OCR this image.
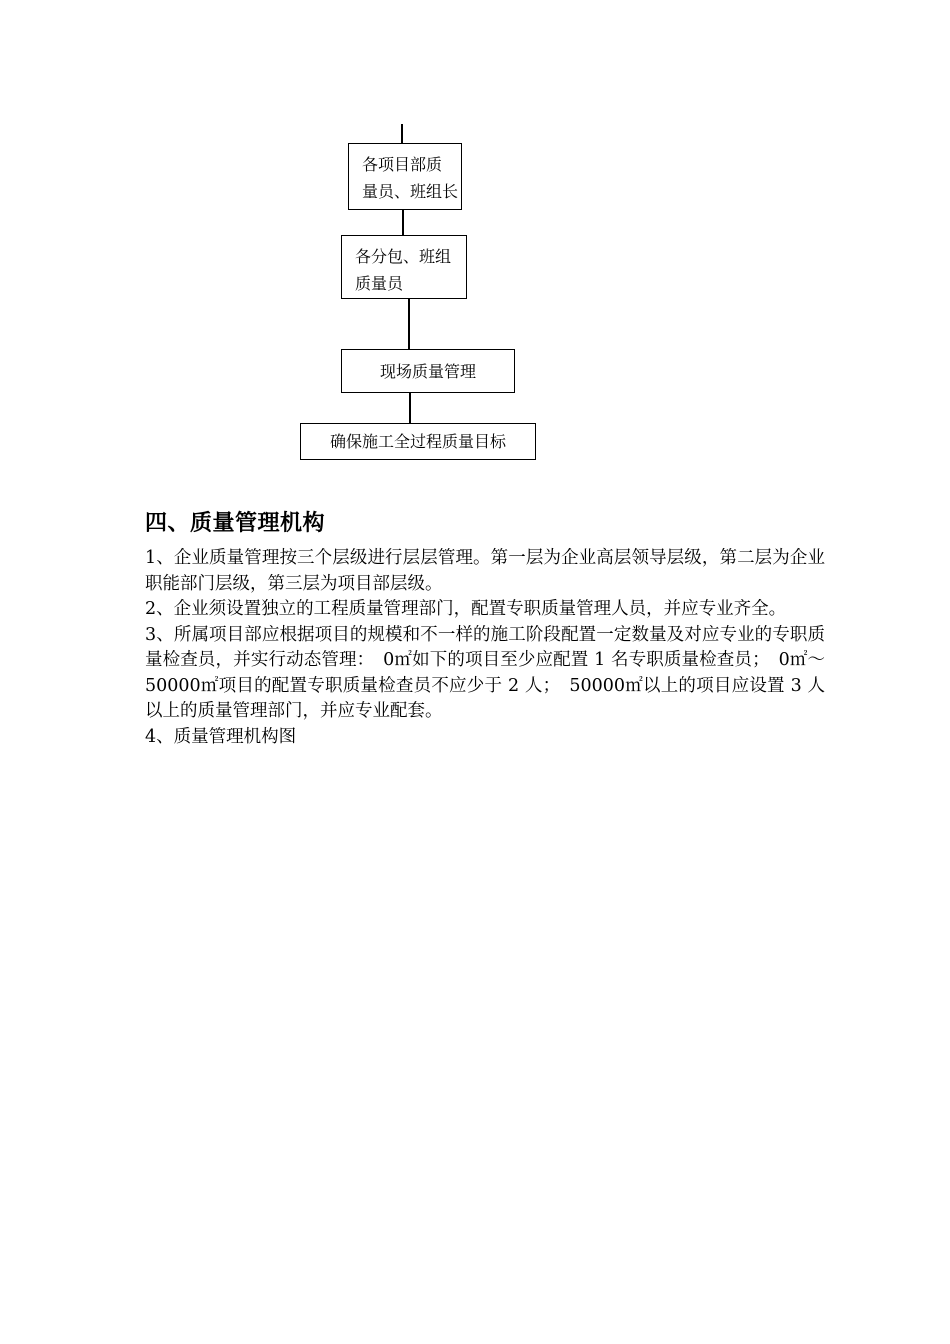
各项目部质
量员、班组长
各分包、班组
质量员
现场质量管理
确保施工全过程质量目标
四、质量管理机构

1、企业质量管理按三个层级进行层层管理。第一层为企业高层领导层级，第二层为企业职能部门层级，第三层为项目部层级。

2、企业须设置独立的工程质量管理部门，配置专职质量管理人员，并应专业齐全。

3、所属项目部应根据项目的规模和不一样的施工阶段配置一定数量及对应专业的专职质量检查员，并实行动态管理：　0㎡如下的项目至少应配置 1 名专职质量检查员；　0㎡～50000㎡项目的配置专职质量检查员不应少于 2 人；　50000㎡以上的项目应设置 3 人以上的质量管理部门，并应专业配套。

4、质量管理机构图
